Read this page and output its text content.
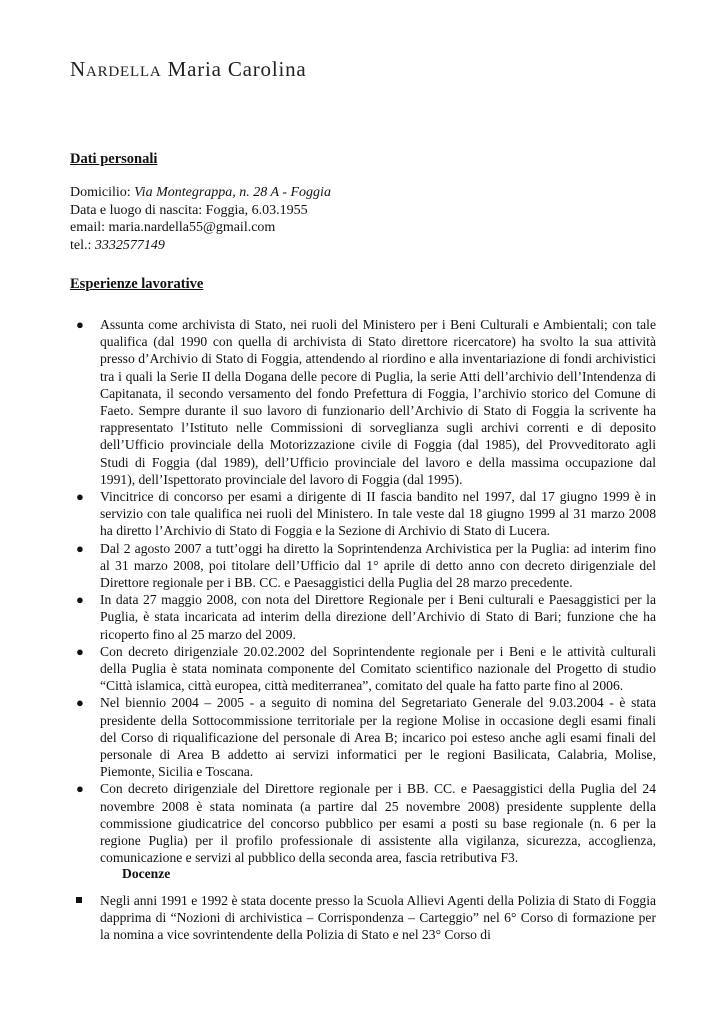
Nardella Maria Carolina
Dati personali
Domicilio: Via Montegrappa, n. 28 A - Foggia
Data e luogo di nascita: Foggia, 6.03.1955
email: maria.nardella55@gmail.com
tel.: 3332577149
Esperienze lavorative
● Assunta come archivista di Stato, nei ruoli del Ministero per i Beni Culturali e Ambientali; con tale qualifica (dal 1990 con quella di archivista di Stato direttore ricercatore) ha svolto la sua attività presso d’Archivio di Stato di Foggia, attendendo al riordino e alla inventariazione di fondi archivistici tra i quali la Serie II della Dogana delle pecore di Puglia, la serie Atti dell’archivio dell’Intendenza di Capitanata, il secondo versamento del fondo Prefettura di Foggia, l’archivio storico del Comune di Faeto. Sempre durante il suo lavoro di funzionario dell’Archivio di Stato di Foggia la scrivente ha rappresentato l’Istituto nelle Commissioni di sorveglianza sugli archivi correnti e di deposito dell’Ufficio provinciale della Motorizzazione civile di Foggia (dal 1985), del Provveditorato agli Studi di Foggia (dal 1989), dell’Ufficio provinciale del lavoro e della massima occupazione dal 1991), dell’Ispettorato provinciale del lavoro di Foggia (dal 1995).
● Vincitrice di concorso per esami a dirigente di II fascia bandito nel 1997, dal 17 giugno 1999 è in servizio con tale qualifica nei ruoli del Ministero. In tale veste dal 18 giugno 1999 al 31 marzo 2008 ha diretto l’Archivio di Stato di Foggia e la Sezione di Archivio di Stato di Lucera.
● Dal 2 agosto 2007 a tutt’oggi ha diretto la Soprintendenza Archivistica per la Puglia: ad interim fino al 31 marzo 2008, poi titolare dell’Ufficio dal 1° aprile di detto anno con decreto dirigenziale del Direttore regionale per i BB. CC. e Paesaggistici della Puglia del 28 marzo precedente.
● In data 27 maggio 2008, con nota del Direttore Regionale per i Beni culturali e Paesaggistici per la Puglia, è stata incaricata ad interim della direzione dell’Archivio di Stato di Bari; funzione che ha ricoperto fino al 25 marzo del 2009.
● Con decreto dirigenziale 20.02.2002 del Soprintendente regionale per i Beni e le attività culturali della Puglia è stata nominata componente del Comitato scientifico nazionale del Progetto di studio “Città islamica, città europea, città mediterranea”, comitato del quale ha fatto parte fino al 2006.
● Nel biennio 2004 – 2005 - a seguito di nomina del Segretariato Generale del 9.03.2004 - è stata presidente della Sottocommissione territoriale per la regione Molise in occasione degli esami finali del Corso di riqualificazione del personale di Area B; incarico poi esteso anche agli esami finali del personale di Area B addetto ai servizi informatici per le regioni Basilicata, Calabria, Molise, Piemonte, Sicilia e Toscana.
● Con decreto dirigenziale del Direttore regionale per i BB. CC. e Paesaggistici della Puglia del 24 novembre 2008 è stata nominata (a partire dal 25 novembre 2008) presidente supplente della commissione giudicatrice del concorso pubblico per esami a posti su base regionale (n. 6 per la regione Puglia) per il profilo professionale di assistente alla vigilanza, sicurezza, accoglienza, comunicazione e servizi al pubblico della seconda area, fascia retributiva F3.
Docenze
Negli anni 1991 e 1992 è stata docente presso la Scuola Allievi Agenti della Polizia di Stato di Foggia dapprima di “Nozioni di archivistica – Corrispondenza – Carteggio” nel 6° Corso di formazione per la nomina a vice sovrintendente della Polizia di Stato e nel 23° Corso di
